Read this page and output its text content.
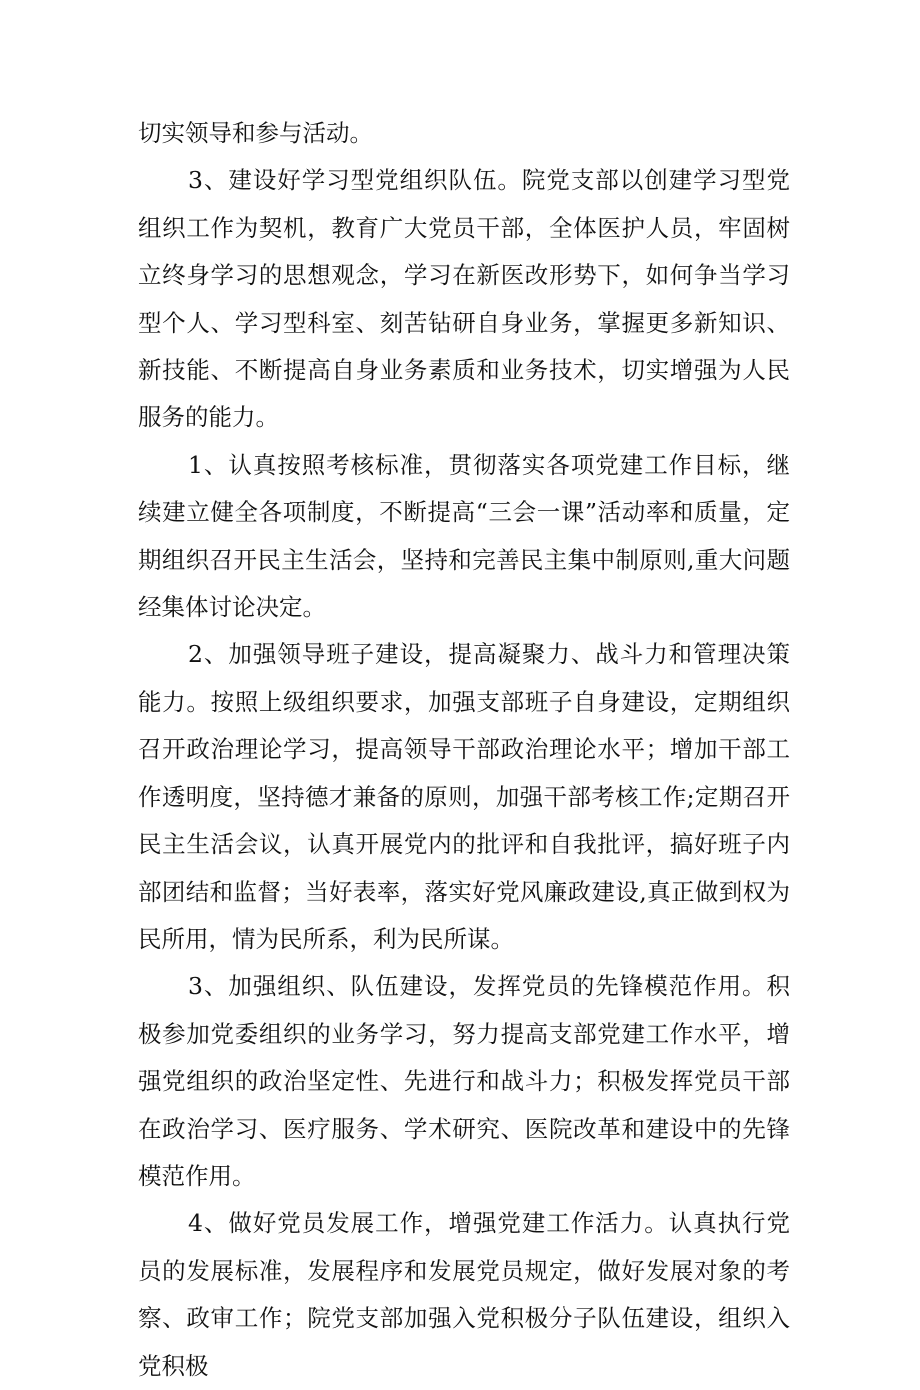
切实领导和参与活动。

3、建设好学习型党组织队伍。院党支部以创建学习型党组织工作为契机，教育广大党员干部，全体医护人员，牢固树立终身学习的思想观念，学习在新医改形势下，如何争当学习型个人、学习型科室、刻苦钻研自身业务，掌握更多新知识、新技能、不断提高自身业务素质和业务技术，切实增强为人民服务的能力。

1、认真按照考核标准，贯彻落实各项党建工作目标，继续建立健全各项制度，不断提高“三会一课”活动率和质量，定期组织召开民主生活会，坚持和完善民主集中制原则,重大问题经集体讨论决定。

2、加强领导班子建设，提高凝聚力、战斗力和管理决策能力。按照上级组织要求，加强支部班子自身建设，定期组织召开政治理论学习，提高领导干部政治理论水平；增加干部工作透明度，坚持德才兼备的原则，加强干部考核工作;定期召开民主生活会议，认真开展党内的批评和自我批评，搞好班子内部团结和监督；当好表率，落实好党风廉政建设,真正做到权为民所用，情为民所系，利为民所谋。

3、加强组织、队伍建设，发挥党员的先锋模范作用。积极参加党委组织的业务学习，努力提高支部党建工作水平，增强党组织的政治坚定性、先进行和战斗力；积极发挥党员干部在政治学习、医疗服务、学术研究、医院改革和建设中的先锋模范作用。

4、做好党员发展工作，增强党建工作活力。认真执行党员的发展标准，发展程序和发展党员规定，做好发展对象的考察、政审工作；院党支部加强入党积极分子队伍建设，组织入党积极
